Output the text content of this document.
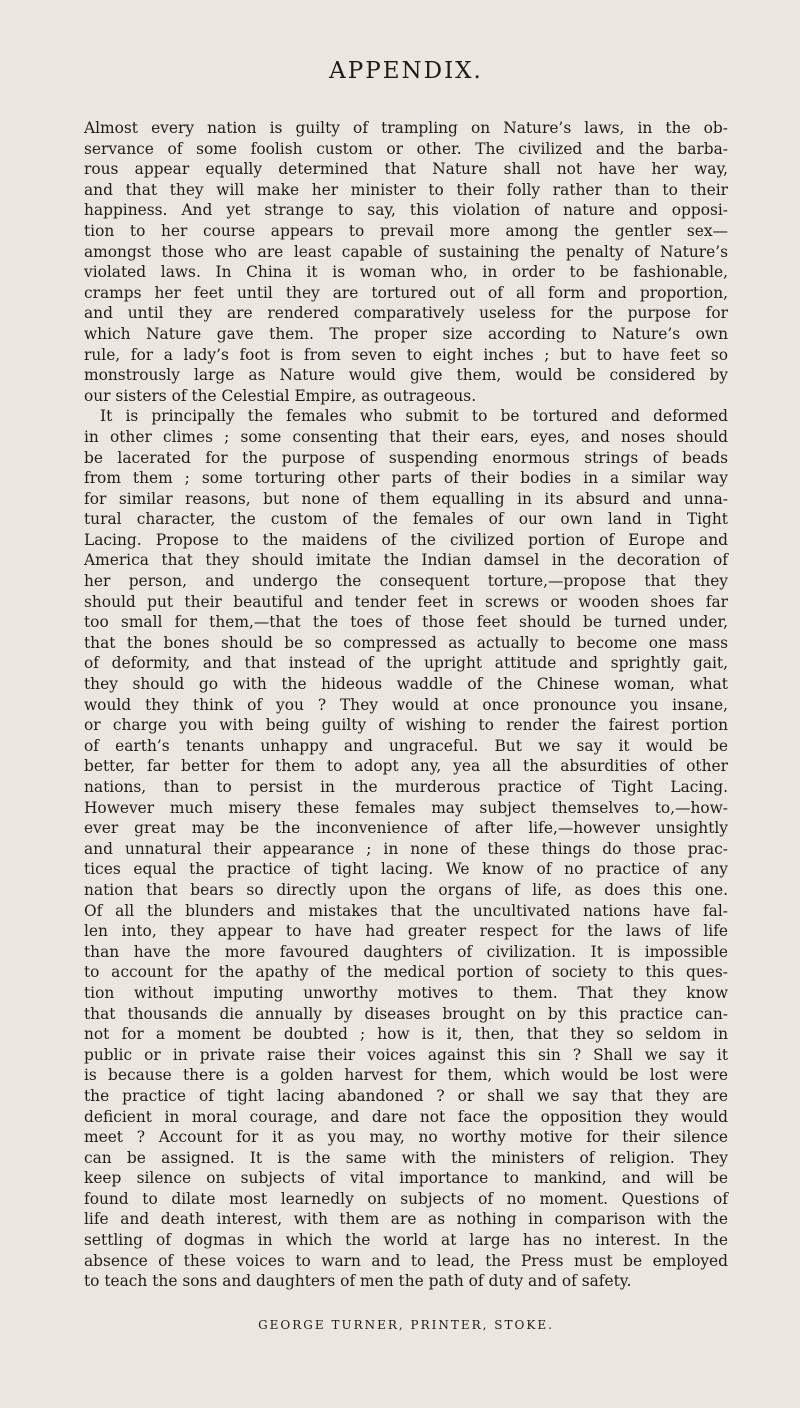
APPENDIX.

Almost every nation is guilty of trampling on Nature’s laws, in the ob-
servance of some foolish custom or other. The civilized and the barba-
rous appear equally determined that Nature shall not have her way,
and that they will make her minister to their folly rather than to their
happiness. And yet strange to say, this violation of nature and opposi-
tion to her course appears to prevail more among the gentler sex—
amongst those who are least capable of sustaining the penalty of Nature’s
violated laws. In China it is woman who, in order to be fashionable,
cramps her feet until they are tortured out of all form and proportion,
and until they are rendered comparatively useless for the purpose for
which Nature gave them. The proper size according to Nature’s own
rule, for a lady’s foot is from seven to eight inches ; but to have feet so
monstrously large as Nature would give them, would be considered by
our sisters of the Celestial Empire, as outrageous.
It is principally the females who submit to be tortured and deformed
in other climes ; some consenting that their ears, eyes, and noses should
be lacerated for the purpose of suspending enormous strings of beads
from them ; some torturing other parts of their bodies in a similar way
for similar reasons, but none of them equalling in its absurd and unna-
tural character, the custom of the females of our own land in Tight
Lacing. Propose to the maidens of the civilized portion of Europe and
America that they should imitate the Indian damsel in the decoration of
her person, and undergo the consequent torture,—propose that they
should put their beautiful and tender feet in screws or wooden shoes far
too small for them,—that the toes of those feet should be turned under,
that the bones should be so compressed as actually to become one mass
of deformity, and that instead of the upright attitude and sprightly gait,
they should go with the hideous waddle of the Chinese woman, what
would they think of you ? They would at once pronounce you insane,
or charge you with being guilty of wishing to render the fairest portion
of earth’s tenants unhappy and ungraceful. But we say it would be
better, far better for them to adopt any, yea all the absurdities of other
nations, than to persist in the murderous practice of Tight Lacing.
However much misery these females may subject themselves to,—how-
ever great may be the inconvenience of after life,—however unsightly
and unnatural their appearance ; in none of these things do those prac-
tices equal the practice of tight lacing. We know of no practice of any
nation that bears so directly upon the organs of life, as does this one.
Of all the blunders and mistakes that the uncultivated nations have fal-
len into, they appear to have had greater respect for the laws of life
than have the more favoured daughters of civilization. It is impossible
to account for the apathy of the medical portion of society to this ques-
tion without imputing unworthy motives to them. That they know
that thousands die annually by diseases brought on by this practice can-
not for a moment be doubted ; how is it, then, that they so seldom in
public or in private raise their voices against this sin ? Shall we say it
is because there is a golden harvest for them, which would be lost were
the practice of tight lacing abandoned ? or shall we say that they are
deficient in moral courage, and dare not face the opposition they would
meet ? Account for it as you may, no worthy motive for their silence
can be assigned. It is the same with the ministers of religion. They
keep silence on subjects of vital importance to mankind, and will be
found to dilate most learnedly on subjects of no moment. Questions of
life and death interest, with them are as nothing in comparison with the
settling of dogmas in which the world at large has no interest. In the
absence of these voices to warn and to lead, the Press must be employed
to teach the sons and daughters of men the path of duty and of safety.

GEORGE TURNER, PRINTER, STOKE.
